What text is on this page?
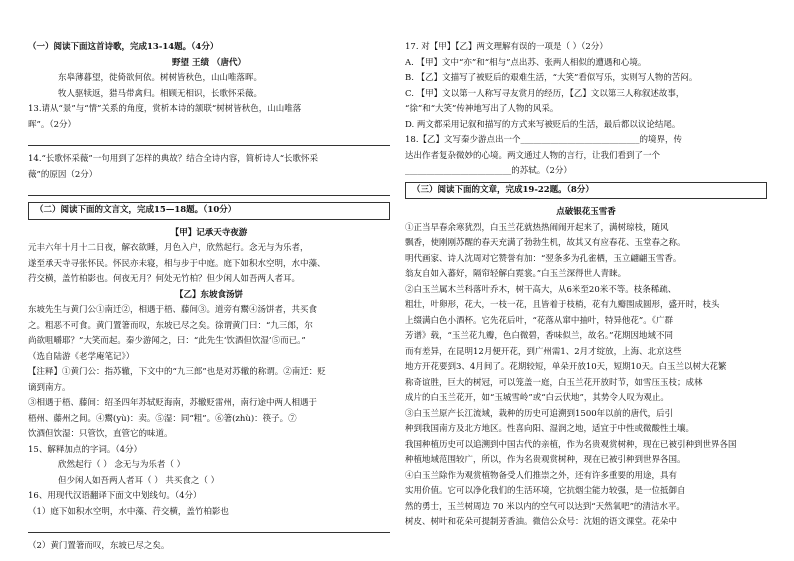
（一）阅读下面这首诗歌，完成13-14题。（4分）
野望 王绩 （唐代）
东皋薄暮望，徙倚欲何依。树树皆秋色，山山唯落晖。
牧人驱犊返，猎马带禽归。相顾无相识，长歌怀采薇。
13.请从“景”与“情”关系的角度，赏析本诗的颔联“树树皆秋色，山山唯落
晖”。（2分）
14.“长歌怀采薇”一句用到了怎样的典故？结合全诗内容，简析诗人“长歌怀采
薇”的原因（2分）
（二）阅读下面的文言文，完成15—18题。（10分）
【甲】记承天寺夜游
元丰六年十月十二日夜，解衣欲睡，月色入户，欣然起行。念无与为乐者，
遂至承天寺寻张怀民。怀民亦未寝，相与步于中庭。庭下如积水空明，水中藻、
荇交横，盖竹柏影也。何夜无月？何处无竹柏？但少闲人如吾两人者耳。
【乙】东坡食汤饼
东坡先生与黄门公①南迁②，相遇于梧、藤间③。道旁有鬻④汤饼者，共买食
之。粗恶不可食。黄门置箸而叹，东坡已尽之矣。徐谓黄门曰：“九三郎，尔
尚欲咀嚼耶？”大笑而起。秦少游闻之，曰：“此先生‘饮酒但饮湿’⑤而已。”
（选自陆游《老学庵笔记》）
【注释】①黄门公：指苏辙，下文中的“九三郎”也是对苏辙的称谓。②南迁：贬
谪到南方。
③相遇于梧、藤间：绍圣四年苏轼贬海南，苏辙贬雷州，南行途中两人相遇于
梧州、藤州之间。④鬻(yù)：卖。⑤湿：同“粗”。⑥箸(zhù)：筷子。⑦
饮酒但饮湿：只管饮，直管它的味道。
15、解释加点的字词。（4分）
欣然起行（ ） 念无与为乐者（ ）
但少闲人如吾两人者耳（ ） 共买食之（ ）
16、用现代汉语翻译下面文中划线句。（4分）
（1）庭下如积水空明，水中藻、荇交横，盖竹柏影也
（2）黄门置箸而叹，东坡已尽之矣。
17. 对【甲】【乙】两文理解有误的一项是（ ）（2分）
A. 【甲】文中“亦”和“相与”点出苏、张两人相似的遭遇和心境。
B. 【乙】文描写了被贬后的艰难生活，“大笑”看似写乐，实则写人物的苦闷。
C. 【甲】文以第一人称写寻友赏月的经历，【乙】文以第三人称叙述故事，
“徐”和“大笑”传神地写出了人物的风采。
D. 两文都采用记叙和描写的方式来写被贬后的生活，最后都以议论结尾。
18.【乙】文写秦少游点出一个____________________________的境界，传
达出作者复杂微妙的心境。两文通过人物的言行，让我们看到了一个
_________________________的苏轼。（2分）
（三）阅读下面的文章，完成19-22题。（8分）
点破银花玉雪香
①正当早春余寒犹烈，白玉兰花就热热闹闹开起来了，满树琼枝，随风
飘香，使刚刚苏醒的春天充满了勃勃生机，故其又有应春花、玉堂春之称。
明代画家、诗人沈周对它赞誉有加：“翌条多为孔雀栖，玉立翩翩玉雪香。
翁友自如入蕃好，隔帘轻解白霓裳。”白玉兰深得世人青睐。
②白玉兰属木兰科落叶乔木，树干高大，从6米至20米不等。枝条稀疏、
粗壮，叶卵形，花大，一枝一花，且皆着于枝梢，花有九瓣围成圆形，盛开时，枝头
上缀满白色小酒杯。它先花后叶，“花落从窜中抽叶，特异他花”。《广群
芳谱》载，“玉兰花九瓣，色白微碧，香味似兰，故名。”花期因地域不同
而有差异，在昆明12月便开花，到广州需1、2月才绽放，上海、北京这些
地方开花要到3、4月间了。花期较短，单朵开放10天，短期10天。白玉兰以树大花繁
称奇谊胜，巨大的树冠，可以笼盖一庭，白玉兰花开放时节，如雪压玉枝；成林
成片的白玉兰花开，如“玉城雪岭”或“白云伏地”，其势令人叹为观止。
③白玉兰原产长江流域，栽种的历史可追溯到1500年以前的唐代，后引
种到我国南方及北方地区。性喜向阳、湿润之地，适宜于中性或微酸性土壤。
我国种植历史可以追溯到中国古代的亲植，作为名贵观赏树种，现在已被引种到世界各国
种植地域范围较广，所以，作为名贵观赏树种，现在已被引种到世界各国。
④白玉兰除作为观赏植物备受人们推崇之外，还有许多重要的用途，具有
实用价值。它可以净化我们的生活环境，它抗烟尘能力较强，是一位抵御自
然的勇士，玉兰树周边 70 米以内的空气可以达到“天然氧吧”的清洁水平。
树皮、树叶和花朵可提制芳香油。微信公众号：沈姐的语文课堂。花朵中
